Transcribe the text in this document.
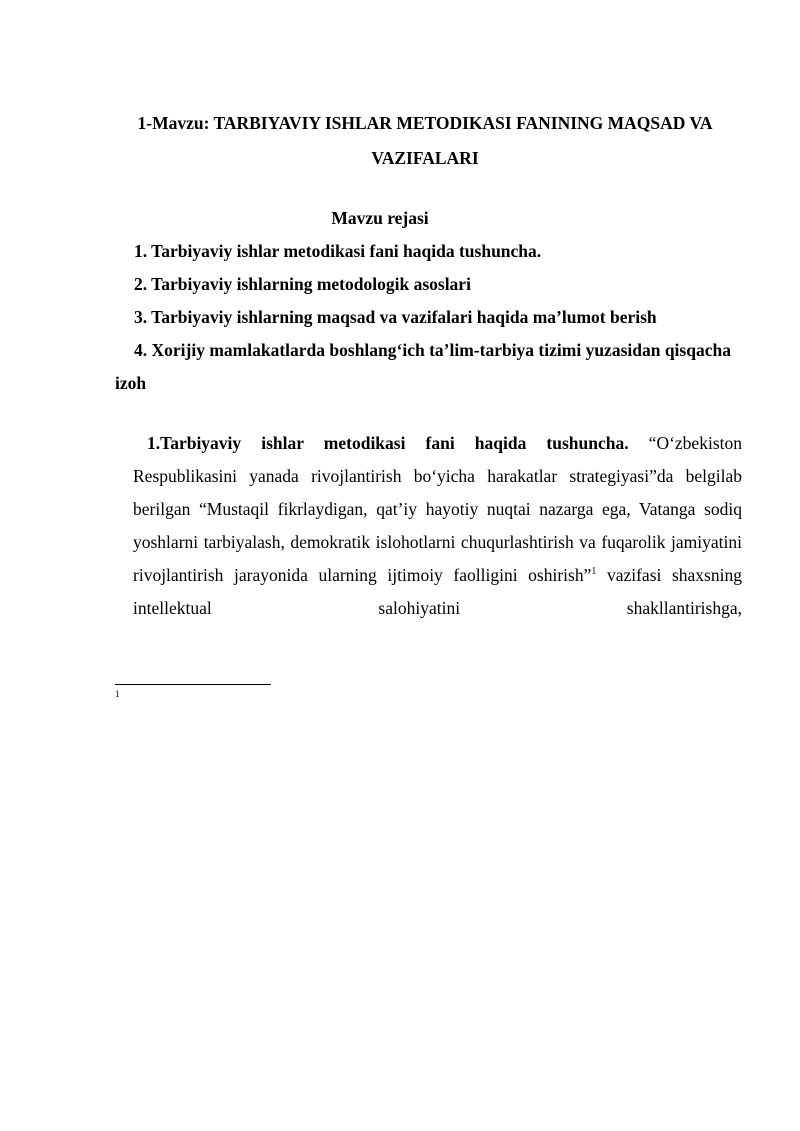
1-Mavzu: TARBIYAVIY ISHLAR METODIKASI FANINING MAQSAD VA VAZIFALARI
Mavzu rejasi

1. Tarbiyaviy ishlar metodikasi fani haqida tushuncha.

2. Tarbiyaviy ishlarning metodologik asoslari

3. Tarbiyaviy ishlarning maqsad va vazifalari haqida ma’lumot berish

4. Xorijiy mamlakatlarda boshlang‘ich ta’lim-tarbiya tizimi yuzasidan qisqacha izoh

1.Tarbiyaviy ishlar metodikasi fani haqida tushuncha. “O‘zbekiston Respublikasini yanada rivojlantirish bo‘yicha harakatlar strategiyasi”da belgilab berilgan “Mustaqil fikrlaydigan, qat’iy hayotiy nuqtai nazarga ega, Vatanga sodiq yoshlarni tarbiyalash, demokratik islohotlarni chuqurlashtirish va fuqarolik jamiyatini rivojlantirish jarayonida ularning ijtimoiy faolligini oshirish”$^1$ vazifasi shaxsning intellektual salohiyatini shakllantirishga,

1
